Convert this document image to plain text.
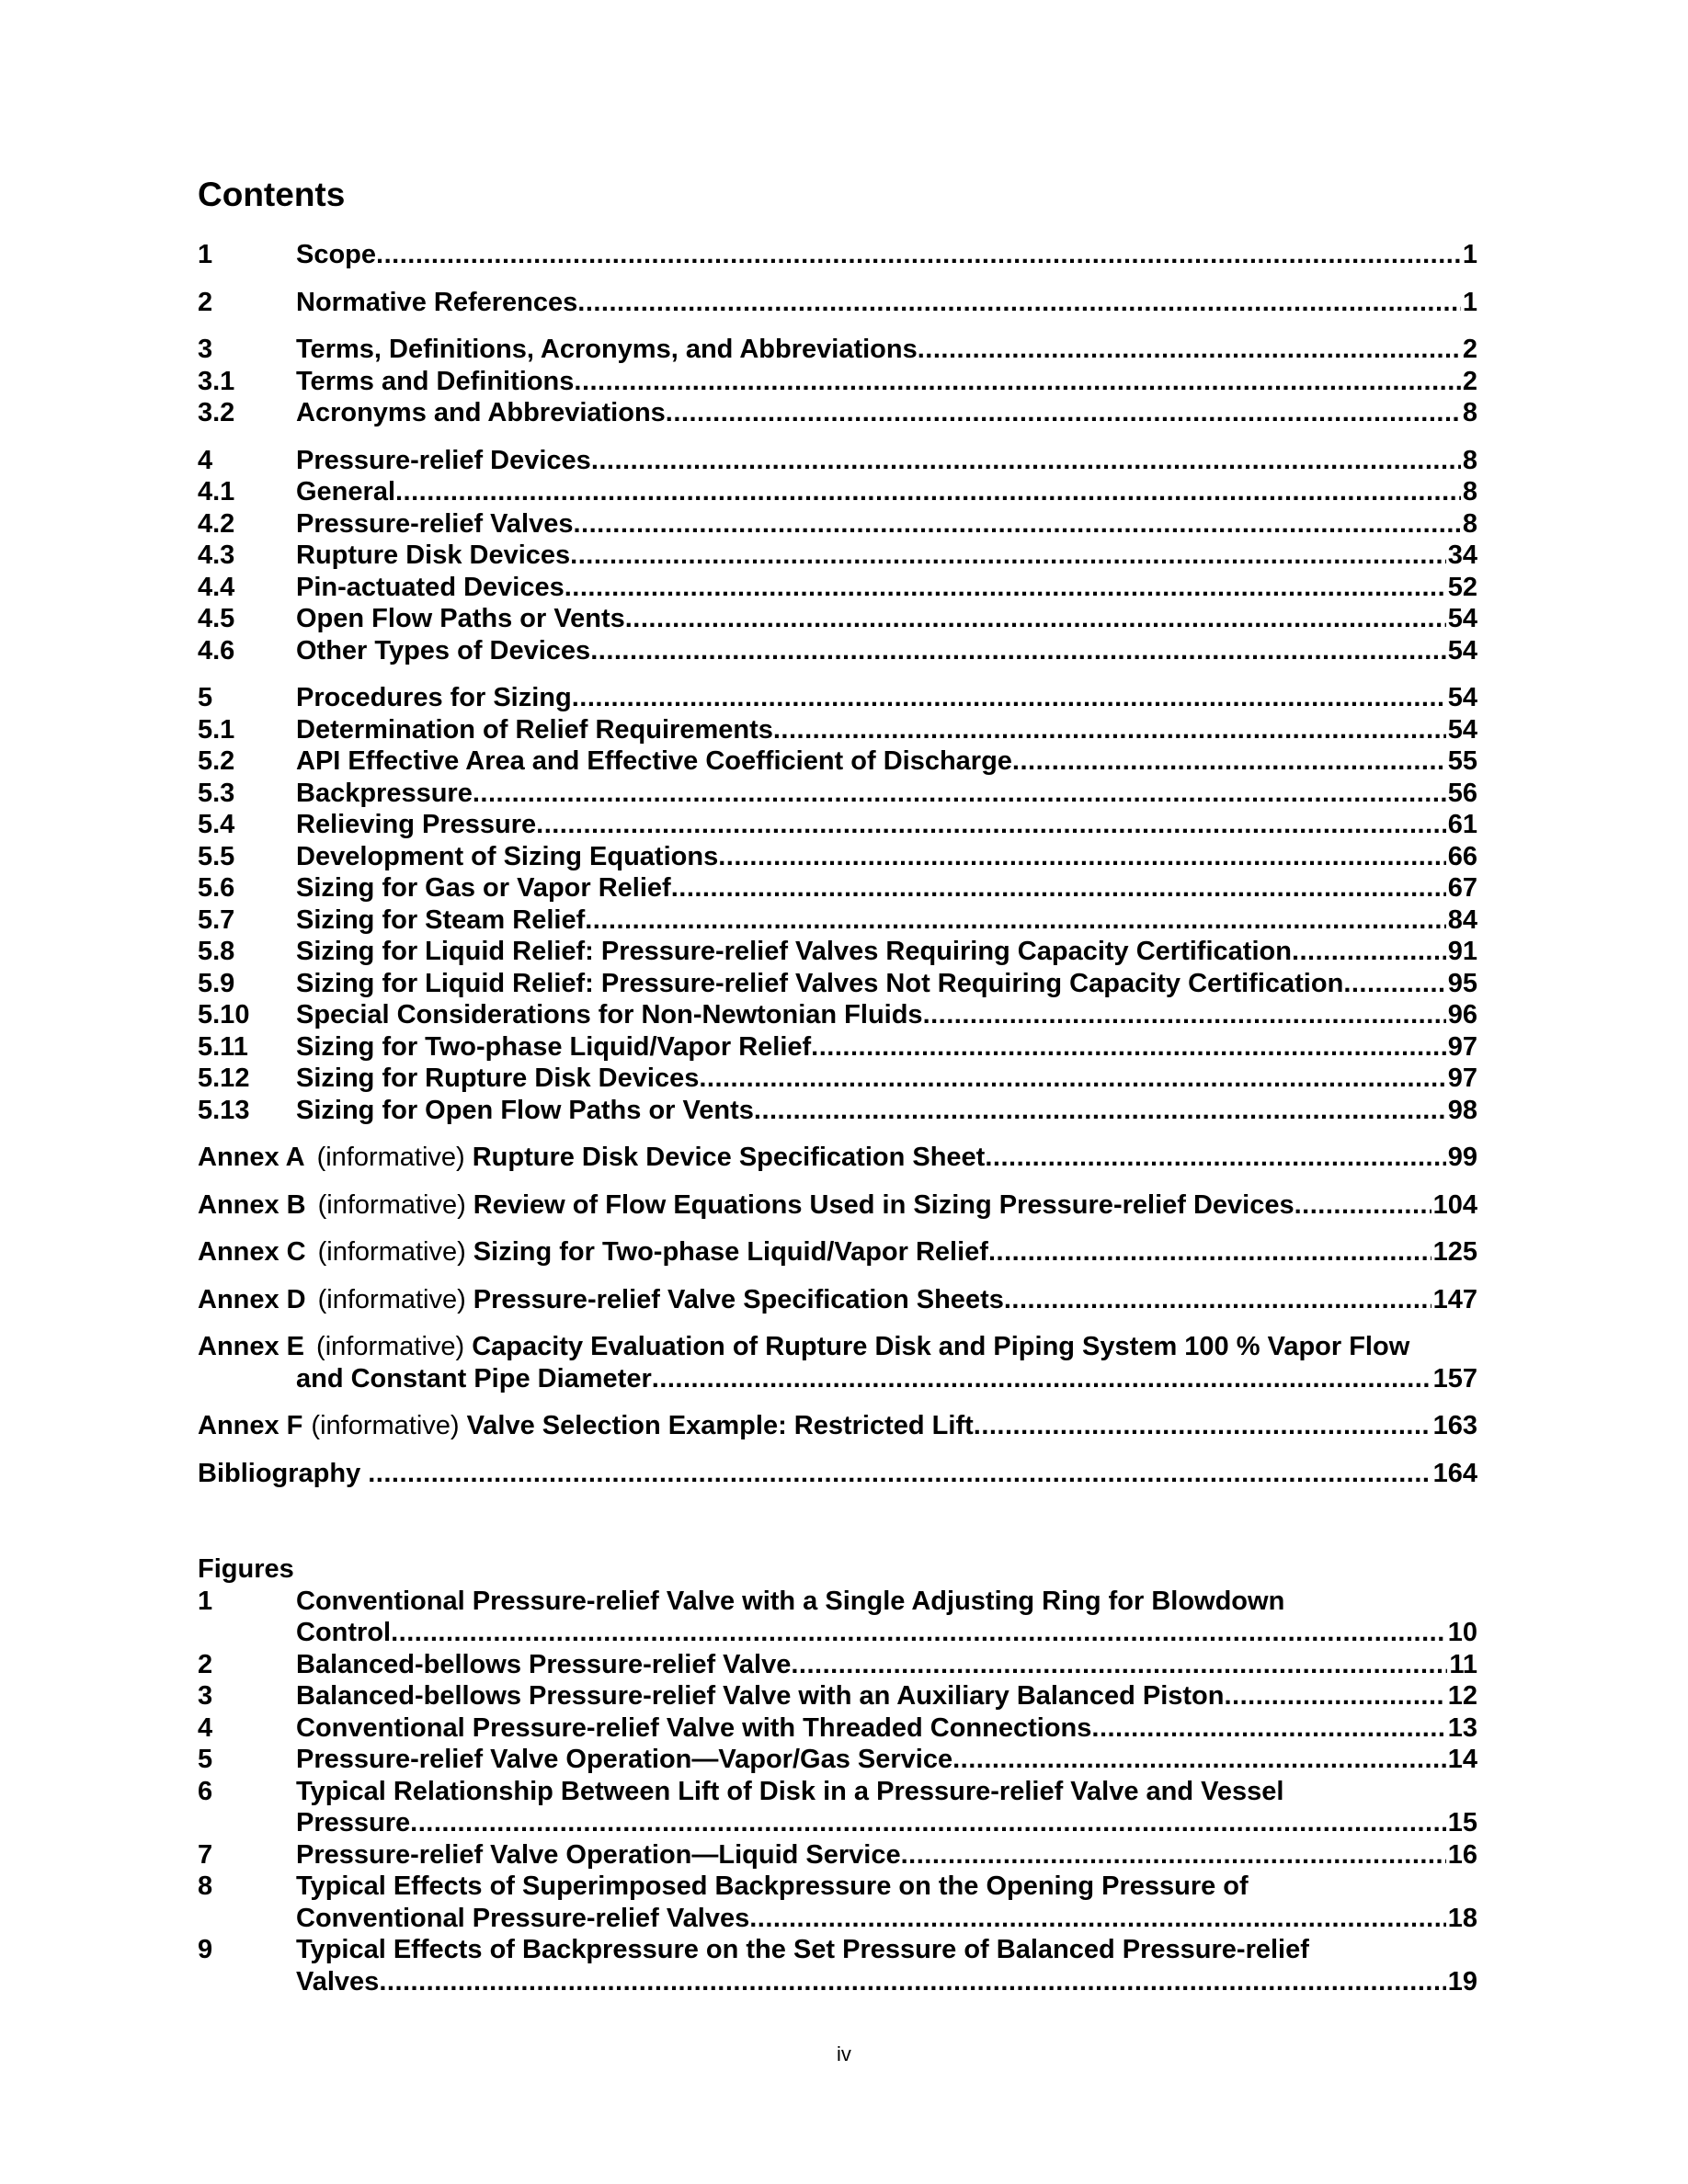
Contents
1	Scope .....	1
2	Normative References .....	1
3	Terms, Definitions, Acronyms, and Abbreviations .....	2
3.1	Terms and Definitions .....	2
3.2	Acronyms and Abbreviations .....	8
4	Pressure-relief Devices .....	8
4.1	General .....	8
4.2	Pressure-relief Valves .....	8
4.3	Rupture Disk Devices .....	34
4.4	Pin-actuated Devices .....	52
4.5	Open Flow Paths or Vents .....	54
4.6	Other Types of Devices .....	54
5	Procedures for Sizing .....	54
5.1	Determination of Relief Requirements .....	54
5.2	API Effective Area and Effective Coefficient of Discharge .....	55
5.3	Backpressure .....	56
5.4	Relieving Pressure .....	61
5.5	Development of Sizing Equations .....	66
5.6	Sizing for Gas or Vapor Relief .....	67
5.7	Sizing for Steam Relief .....	84
5.8	Sizing for Liquid Relief: Pressure-relief Valves Requiring Capacity Certification .....	91
5.9	Sizing for Liquid Relief: Pressure-relief Valves Not Requiring Capacity Certification .....	95
5.10	Special Considerations for Non-Newtonian Fluids .....	96
5.11	Sizing for Two-phase Liquid/Vapor Relief .....	97
5.12	Sizing for Rupture Disk Devices .....	97
5.13	Sizing for Open Flow Paths or Vents .....	98
Annex A (informative) Rupture Disk Device Specification Sheet .....	99
Annex B (informative) Review of Flow Equations Used in Sizing Pressure-relief Devices .....	104
Annex C (informative) Sizing for Two-phase Liquid/Vapor Relief .....	125
Annex D (informative) Pressure-relief Valve Specification Sheets .....	147
Annex E (informative) Capacity Evaluation of Rupture Disk and Piping System 100 % Vapor Flow
and Constant Pipe Diameter .....	157
Annex F (informative) Valve Selection Example: Restricted Lift .....	163
Bibliography .....	164
Figures
1	Conventional Pressure-relief Valve with a Single Adjusting Ring for Blowdown
Control .....	10
2	Balanced-bellows Pressure-relief Valve .....	11
3	Balanced-bellows Pressure-relief Valve with an Auxiliary Balanced Piston .....	12
4	Conventional Pressure-relief Valve with Threaded Connections .....	13
5	Pressure-relief Valve Operation—Vapor/Gas Service .....	14
6	Typical Relationship Between Lift of Disk in a Pressure-relief Valve and Vessel
Pressure .....	15
7	Pressure-relief Valve Operation—Liquid Service .....	16
8	Typical Effects of Superimposed Backpressure on the Opening Pressure of
Conventional Pressure-relief Valves .....	18
9	Typical Effects of Backpressure on the Set Pressure of Balanced Pressure-relief
Valves .....	19
iv
